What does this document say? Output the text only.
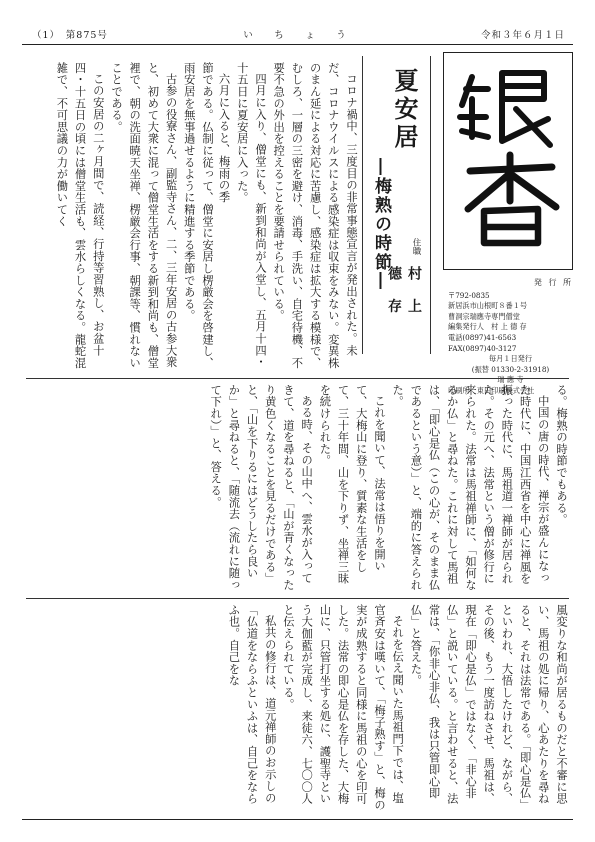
（1）　第875号	い　ち　ょ　う	令和３年６月１日
発 行 所
〒792-0835
新居浜市山根町８番１号
曹洞宗瑞應寺専門僧堂
編集発行人　村 上 德 存
電話(0897)41-6563
FAX(0897)40-3127
毎月１日発行
(振替 01330-2-31918)
瑞 應 寺
印刷所　東田印刷株式会社
夏安居
―梅熟の時節―	住職
村 上 德 存

コロナ禍中、三度目の非常事態宣言が発出された。未だ、コロナウイルスによる感染症は収束をみない。変異株のまん延による対応に苦慮し、感染症は拡大する模様で、むしろ、一層の三密を避け、消毒、手洗い、自宅待機、不要不急の外出を控えることを要請せられている。

四月に入り、僧堂にも、新到和尚が入堂し、五月十四・十五日に夏安居に入った。

六月に入ると、梅雨の季

節である。仏制に従って、僧堂に安居し楞厳会を啓建し、雨安居を無事過せるように精進する季節である。

古参の役寮さん、副監寺さん、二、三年安居の古参大衆と、初めて大衆に混って僧堂生活をする新到和尚も、僧堂裡で、朝の洗面暁天坐禅、楞厳会行事、朝課等、慣れないことである。

この安居の二ヶ月間で、読経、行持等習熟し、お盆十四・十五日の頃には僧堂生活も、雲水らしくなる。龍蛇混雑で、不可思議の力が働いてく

る。梅熟の時節でもある。

中国の唐の時代、禅宗が盛んになった時代に、中国江西省を中心に禅風を振った時代に、馬祖道一禅師が居られた。その元へ、法常という僧が修行に来られた。法常は馬祖禅師に、「如何なるか仏」と尋ねた。これに対して馬祖は、「即心是仏（この心が、そのまま仏であるという意）」と、端的に答えられた。

これを聞いて、法常は悟りを開いて、大梅山に登り、質素な生活をして、三十年間、山を下りず、坐禅三昧を続けられた。

ある時、その山中へ、雲水が入ってきて、道を尋ねると、「山が青くなったり黄色くなることを見るだけである」と、「山を下りるにはどうしたら良いか」と尋ねると、「随流去（流れに随って下れ）」と、答える。

風変りな和尚が居るものだと不審に思い、馬祖の処に帰り、心あたりを尋ねると、それは法常である。「即心是仏」といわれ、大悟したけれど、ながら、その後、もう一度訪ねさせ、馬祖は、現在「即心是仏」ではなく、「非心非仏」と説いている。と言わせると、法常は、「你非心非仏、我は只管即心即仏」と答えた。

それを伝え聞いた馬祖門下では、塩官斉安は嘆いて、「梅子熟す」と、梅の実が成熟すると同様に馬祖の心を印可した。法常の即心是仏を存した、大梅山に、只管打坐する処に、護聖寺という大伽藍が完成し、来徒六、七〇〇人と伝えられている。

私共の修行は、道元禅師のお示しの「仏道をならふといふは、自己をならふ也。自己をな
